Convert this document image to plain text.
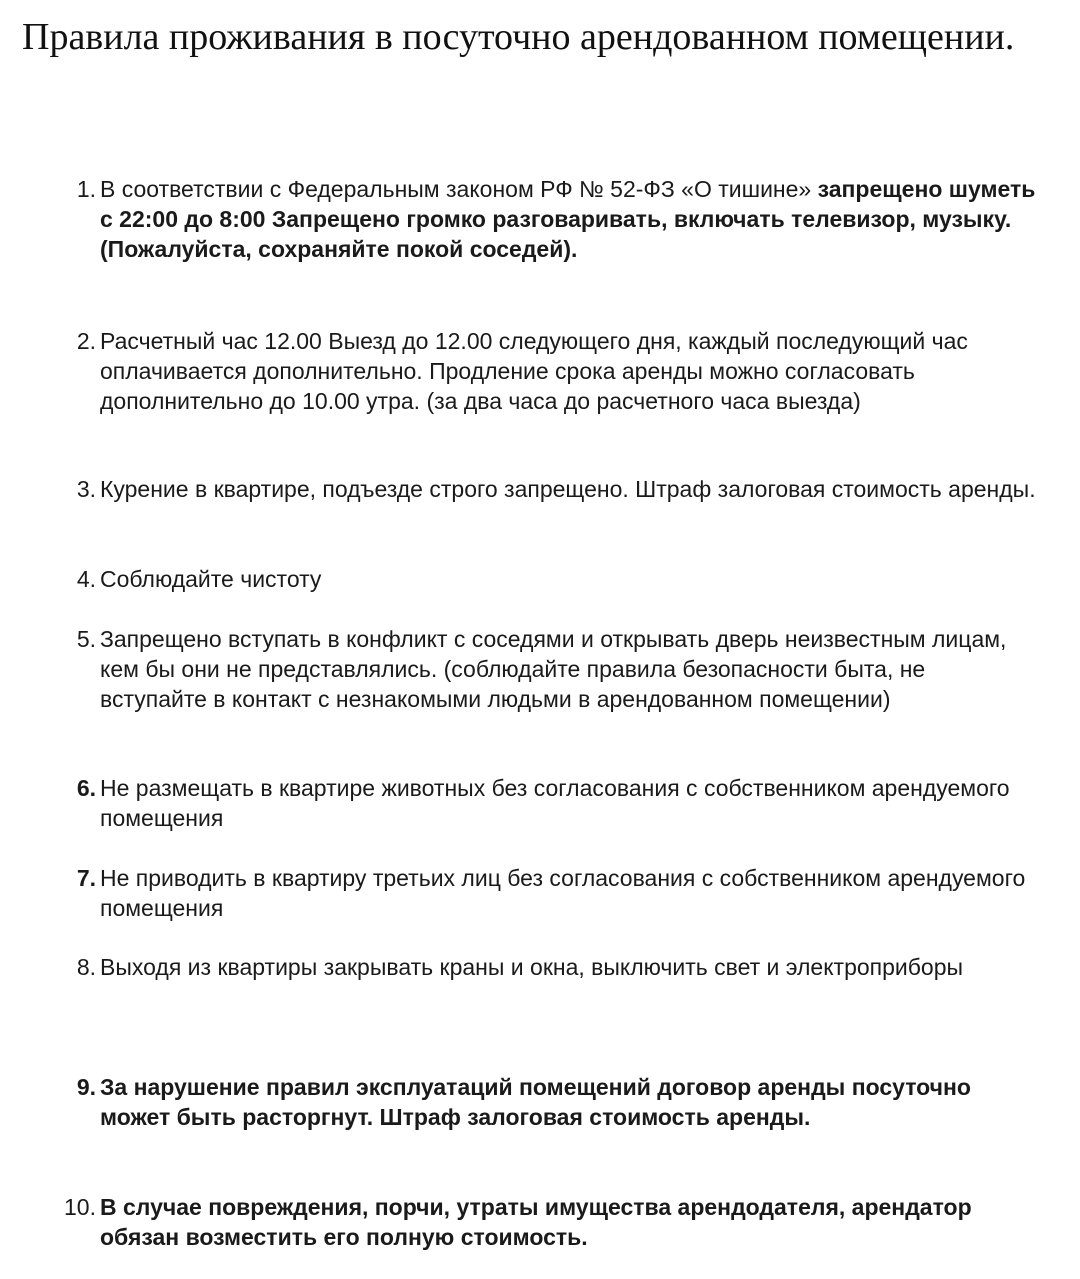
Правила проживания в посуточно арендованном помещении.
1. В соответствии с Федеральным законом РФ № 52-ФЗ «О тишине» запрещено шуметь с 22:00 до 8:00 Запрещено громко разговаривать, включать телевизор, музыку. (Пожалуйста, сохраняйте покой соседей).
2. Расчетный час 12.00 Выезд до 12.00 следующего дня, каждый последующий час оплачивается дополнительно. Продление срока аренды можно согласовать дополнительно до 10.00 утра. (за два часа до расчетного часа выезда)
3. Курение в квартире, подъезде строго запрещено. Штраф залоговая стоимость аренды.
4. Соблюдайте чистоту
5. Запрещено вступать в конфликт с соседями и открывать дверь неизвестным лицам, кем бы они не представлялись. (соблюдайте правила безопасности быта, не вступайте в контакт с незнакомыми людьми в арендованном помещении)
6. Не размещать в квартире животных без согласования с собственником арендуемого помещения
7. Не приводить в квартиру третьих лиц без согласования с собственником арендуемого помещения
8. Выходя из квартиры закрывать краны и окна, выключить свет и электроприборы
9. За нарушение правил эксплуатаций помещений договор аренды посуточно может быть расторгнут. Штраф залоговая стоимость аренды.
10. В случае повреждения, порчи, утраты имущества арендодателя, арендатор обязан возместить его полную стоимость.
